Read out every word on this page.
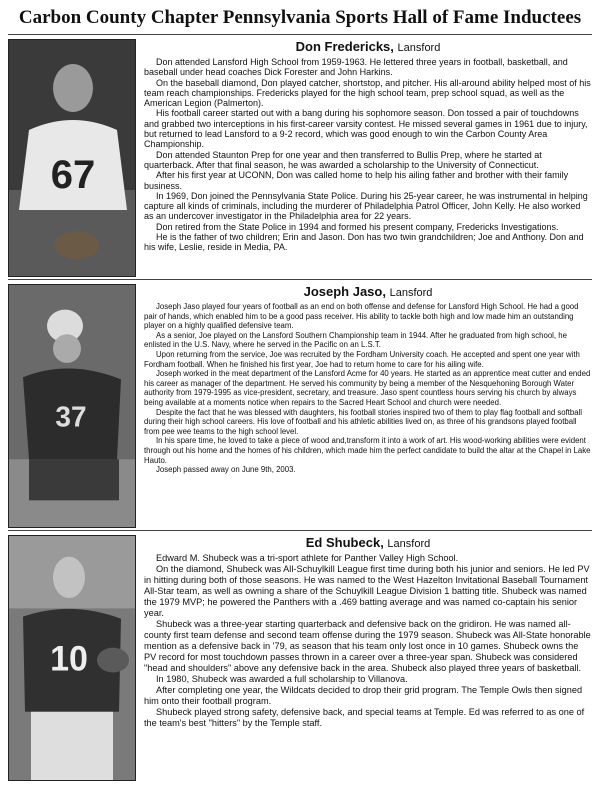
Carbon County Chapter Pennsylvania Sports Hall of Fame Inductees
67
Don Fredericks, Lansford

Don attended Lansford High School from 1959-1963. He lettered three years in football, basketball, and baseball under head coaches Dick Forester and John Harkins.

On the baseball diamond, Don played catcher, shortstop, and pitcher. His all-around ability helped most of his team reach championships. Fredericks played for the high school team, prep school squad, as well as the American Legion (Palmerton).

His football career started out with a bang during his sophomore season. Don tossed a pair of touchdowns and grabbed two interceptions in his first-career varsity contest. He missed several games in 1961 due to injury, but returned to lead Lansford to a 9-2 record, which was good enough to win the Carbon County Area Championship.

Don attended Staunton Prep for one year and then transferred to Bullis Prep, where he started at quarterback. After that final season, he was awarded a scholarship to the University of Connecticut.

After his first year at UCONN, Don was called home to help his ailing father and brother with their family business.

In 1969, Don joined the Pennsylvania State Police. During his 25-year career, he was instrumental in helping capture all kinds of criminals, including the murderer of Philadelphia Patrol Officer, John Kelly. He also worked as an undercover investigator in the Philadelphia area for 22 years.

Don retired from the State Police in 1994 and formed his present company, Fredericks Investigations.

He is the father of two children; Erin and Jason. Don has two twin grandchildren; Joe and Anthony. Don and his wife, Leslie, reside in Media, PA.

37
Joseph Jaso, Lansford

Joseph Jaso played four years of football as an end on both offense and defense for Lansford High School. He had a good pair of hands, which enabled him to be a good pass receiver. His ability to tackle both high and low made him an outstanding player on a highly qualified defensive team.

As a senior, Joe played on the Lansford Southern Championship team in 1944. After he graduated from high school, he enlisted in the U.S. Navy, where he served in the Pacific on an L.S.T.

Upon returning from the service, Joe was recruited by the Fordham University coach. He accepted and spent one year with Fordham football. When he finished his first year, Joe had to return home to care for his ailing wife.

Joseph worked in the meat department of the Lansford Acme for 40 years. He started as an apprentice meat cutter and ended his career as manager of the department. He served his community by being a member of the Nesquehoning Borough Water authority from 1979-1995 as vice-president, secretary, and treasure. Jaso spent countless hours serving his church by always being available at a moments notice when repairs to the Sacred Heart School and church were needed.

Despite the fact that he was blessed with daughters, his football stories inspired two of them to play flag football and softball during their high school careers. His love of football and his athletic abilities lived on, as three of his grandsons played football from pee wee teams to the high school level.

In his spare time, he loved to take a piece of wood and,transform it into a work of art. His wood-working abilities were evident through out his home and the homes of his children, which made him the perfect candidate to build the altar at the Chapel in Lake Hauto.

Joseph passed away on June 9th, 2003.

10
Ed Shubeck, Lansford

Edward M. Shubeck was a tri-sport athlete for Panther Valley High School.

On the diamond, Shubeck was All-Schuylkill League first time during both his junior and seniors. He led PV in hitting during both of those seasons. He was named to the West Hazelton Invitational Baseball Tournament All-Star team, as well as owning a share of the Schuylkill League Division 1 batting title. Shubeck was named the 1979 MVP; he powered the Panthers with a .469 batting average and was named co-captain his senior year.

Shubeck was a three-year starting quarterback and defensive back on the gridiron. He was named all-county first team defense and second team offense during the 1979 season. Shubeck was All-State honorable mention as a defensive back in '79, as season that his team only lost once in 10 games. Shubeck owns the PV record for most touchdown passes thrown in a career over a three-year span. Shubeck was considered "head and shoulders" above any defensive back in the area. Shubeck also played three years of basketball.

In 1980, Shubeck was awarded a full scholarship to Villanova.

After completing one year, the Wildcats decided to drop their grid program. The Temple Owls then signed him onto their football program.

Shubeck played strong safety, defensive back, and special teams at Temple. Ed was referred to as one of the team's best "hitters" by the Temple staff.
